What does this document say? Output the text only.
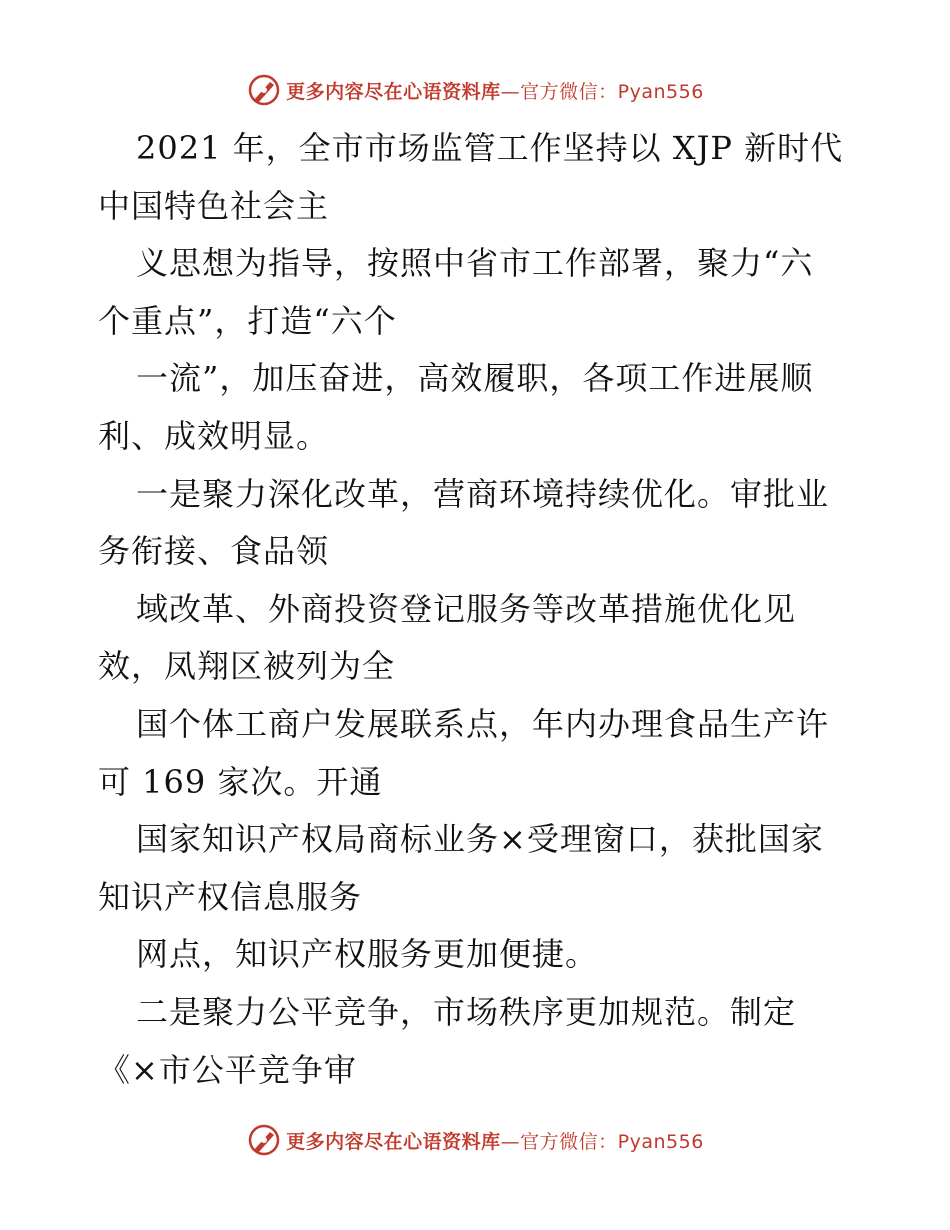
更多内容尽在心语资料库—官方微信：Pyan556
2021 年，全市市场监管工作坚持以 XJP 新时代
中国特色社会主
义思想为指导，按照中省市工作部署，聚力“六
个重点”，打造“六个
一流”，加压奋进，高效履职，各项工作进展顺
利、成效明显。
一是聚力深化改革，营商环境持续优化。审批业
务衔接、食品领
域改革、外商投资登记服务等改革措施优化见
效，凤翔区被列为全
国个体工商户发展联系点，年内办理食品生产许
可 169 家次。开通
国家知识产权局商标业务×受理窗口，获批国家
知识产权信息服务
网点，知识产权服务更加便捷。
二是聚力公平竞争，市场秩序更加规范。制定
《×市公平竞争审
更多内容尽在心语资料库—官方微信：Pyan556
